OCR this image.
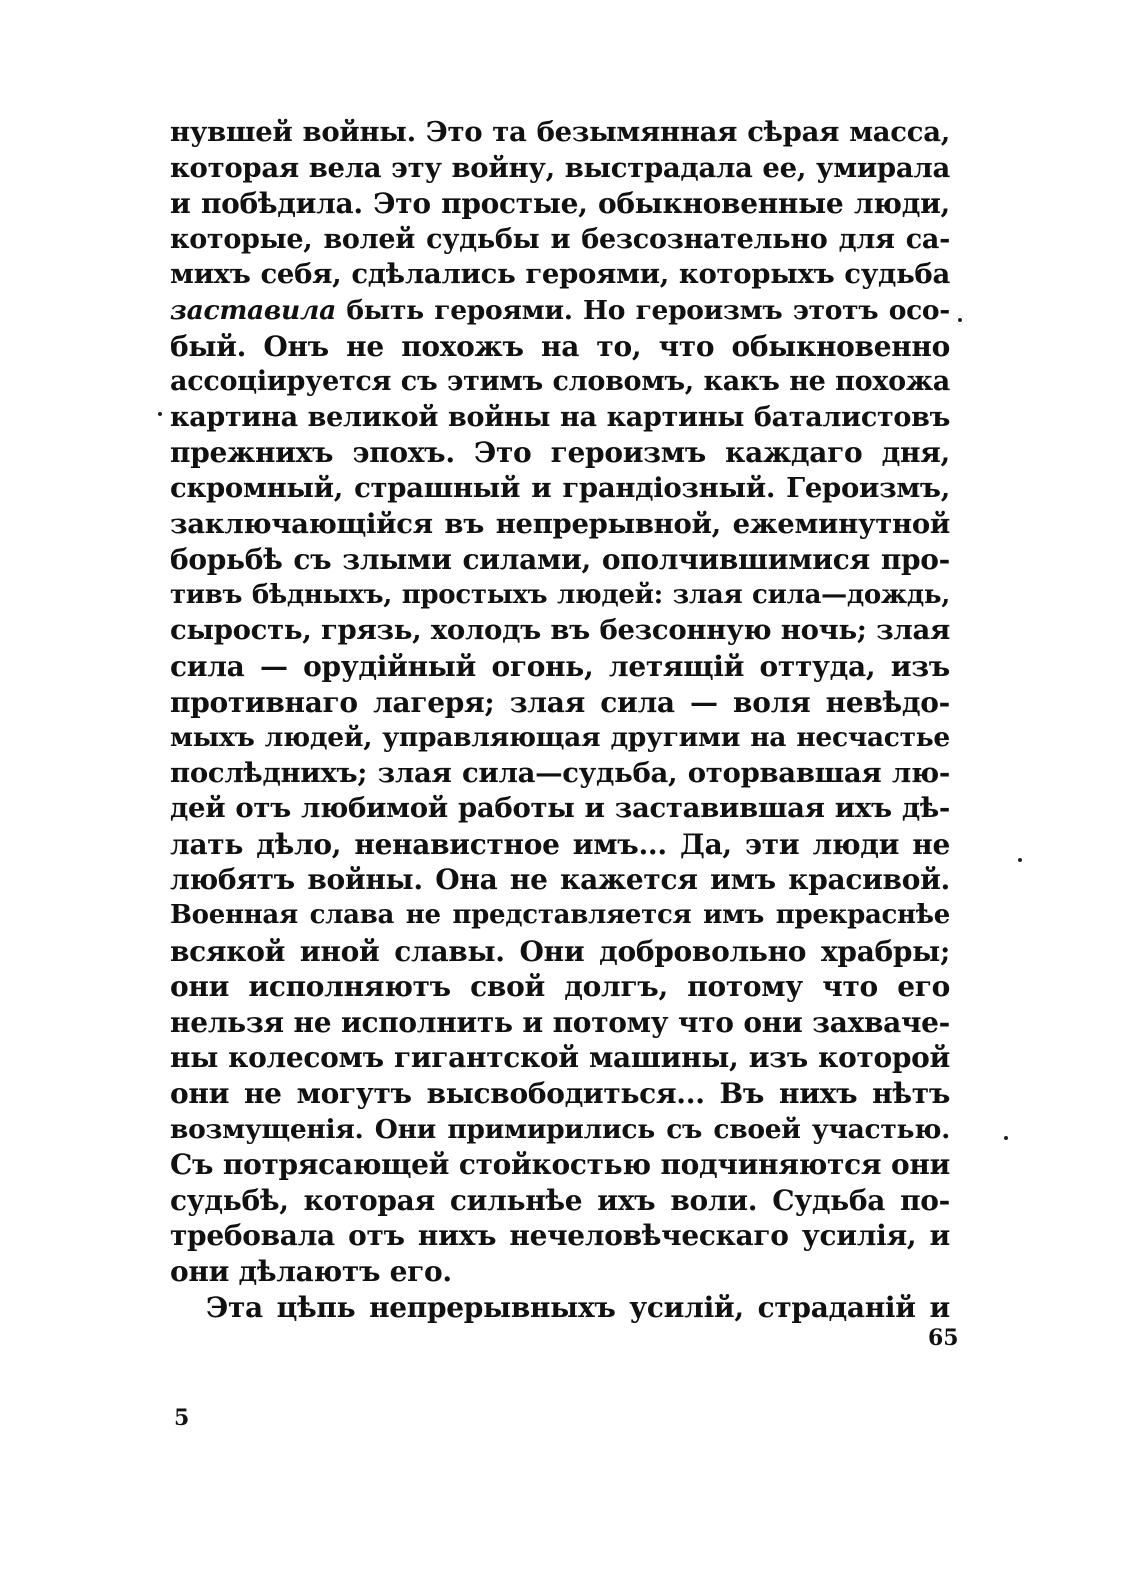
нувшей войны. Это та безымянная сѣрая масса,
которая вела эту войну, выстрадала ее, умирала
и побѣдила. Это простые, обыкновенные люди,
которые, волей судьбы и безсознательно для са-
михъ себя, сдѣлались героями, которыхъ судьба
заставила быть героями. Но героизмъ этотъ осо-
бый. Онъ не похожъ на то, что обыкновенно
ассоціируется съ этимъ словомъ, какъ не похожа
картина великой войны на картины баталистовъ
прежнихъ эпохъ. Это героизмъ каждаго дня,
скромный, страшный и грандіозный. Героизмъ,
заключающійся въ непрерывной, ежеминутной
борьбѣ съ злыми силами, ополчившимися про-
тивъ бѣдныхъ, простыхъ людей: злая сила—дождь,
сырость, грязь, холодъ въ безсонную ночь; злая
сила — орудійный огонь, летящій оттуда, изъ
противнаго лагеря; злая сила — воля невѣдо-
мыхъ людей, управляющая другими на несчастье
послѣднихъ; злая сила—судьба, оторвавшая лю-
дей отъ любимой работы и заставившая ихъ дѣ-
лать дѣло, ненавистное имъ... Да, эти люди не
любятъ войны. Она не кажется имъ красивой.
Военная слава не представляется имъ прекраснѣе
всякой иной славы. Они добровольно храбры;
они исполняютъ свой долгъ, потому что его
нельзя не исполнить и потому что они захваче-
ны колесомъ гигантской машины, изъ которой
они не могутъ высвободиться... Въ нихъ нѣтъ
возмущенія. Они примирились съ своей участью.
Съ потрясающей стойкостью подчиняются они
судьбѣ, которая сильнѣе ихъ воли. Судьба по-
требовала отъ нихъ нечеловѣческаго усилія, и
они дѣлаютъ его.
Эта цѣпь непрерывныхъ усилій, страданій и
65
5
